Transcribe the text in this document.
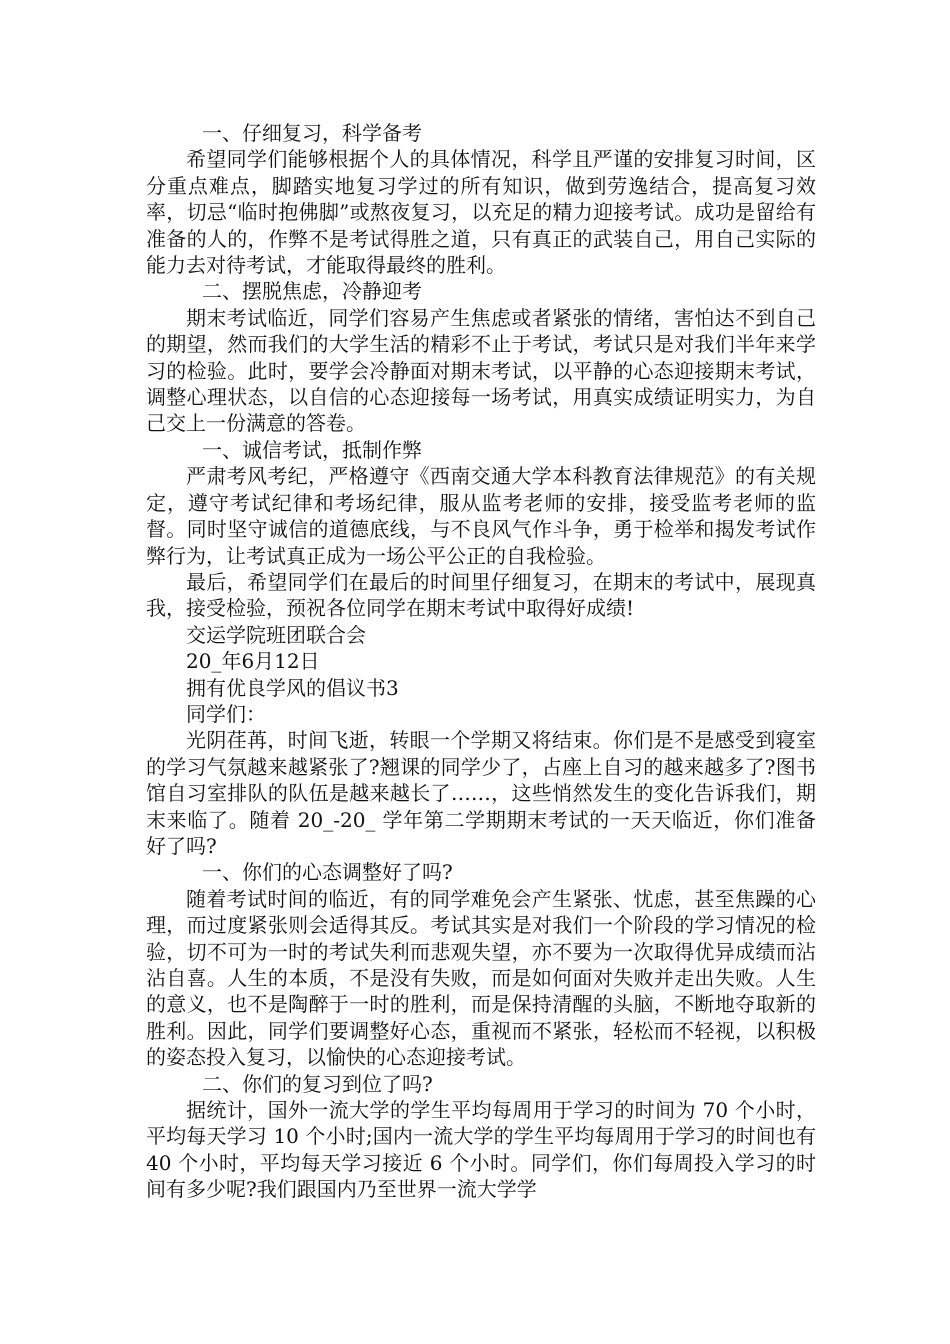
一、仔细复习，科学备考

希望同学们能够根据个人的具体情况，科学且严谨的安排复习时间，区分重点难点，脚踏实地复习学过的所有知识，做到劳逸结合，提高复习效率，切忌“临时抱佛脚”或熬夜复习，以充足的精力迎接考试。成功是留给有准备的人的，作弊不是考试得胜之道，只有真正的武装自己，用自己实际的能力去对待考试，才能取得最终的胜利。

二、摆脱焦虑，冷静迎考

期末考试临近，同学们容易产生焦虑或者紧张的情绪，害怕达不到自己的期望，然而我们的大学生活的精彩不止于考试，考试只是对我们半年来学习的检验。此时，要学会冷静面对期末考试，以平静的心态迎接期末考试，调整心理状态，以自信的心态迎接每一场考试，用真实成绩证明实力，为自己交上一份满意的答卷。

一、诚信考试，抵制作弊

严肃考风考纪，严格遵守《西南交通大学本科教育法律规范》的有关规定，遵守考试纪律和考场纪律，服从监考老师的安排，接受监考老师的监督。同时坚守诚信的道德底线，与不良风气作斗争，勇于检举和揭发考试作弊行为，让考试真正成为一场公平公正的自我检验。

最后，希望同学们在最后的时间里仔细复习，在期末的考试中，展现真我，接受检验，预祝各位同学在期末考试中取得好成绩!

交运学院班团联合会

20_年6月12日

拥有优良学风的倡议书3

同学们：

光阴荏苒，时间飞逝，转眼一个学期又将结束。你们是不是感受到寝室的学习气氛越来越紧张了?翘课的同学少了，占座上自习的越来越多了?图书馆自习室排队的队伍是越来越长了……，这些悄然发生的变化告诉我们，期末来临了。随着 20_-20_ 学年第二学期期末考试的一天天临近，你们准备好了吗?

一、你们的心态调整好了吗?

随着考试时间的临近，有的同学难免会产生紧张、忧虑，甚至焦躁的心理，而过度紧张则会适得其反。考试其实是对我们一个阶段的学习情况的检验，切不可为一时的考试失利而悲观失望，亦不要为一次取得优异成绩而沾沾自喜。人生的本质，不是没有失败，而是如何面对失败并走出失败。人生的意义，也不是陶醉于一时的胜利，而是保持清醒的头脑，不断地夺取新的胜利。因此，同学们要调整好心态，重视而不紧张，轻松而不轻视，以积极的姿态投入复习，以愉快的心态迎接考试。

二、你们的复习到位了吗?

据统计，国外一流大学的学生平均每周用于学习的时间为 70 个小时，平均每天学习 10 个小时;国内一流大学的学生平均每周用于学习的时间也有 40 个小时，平均每天学习接近 6 个小时。同学们，你们每周投入学习的时间有多少呢?我们跟国内乃至世界一流大学学
